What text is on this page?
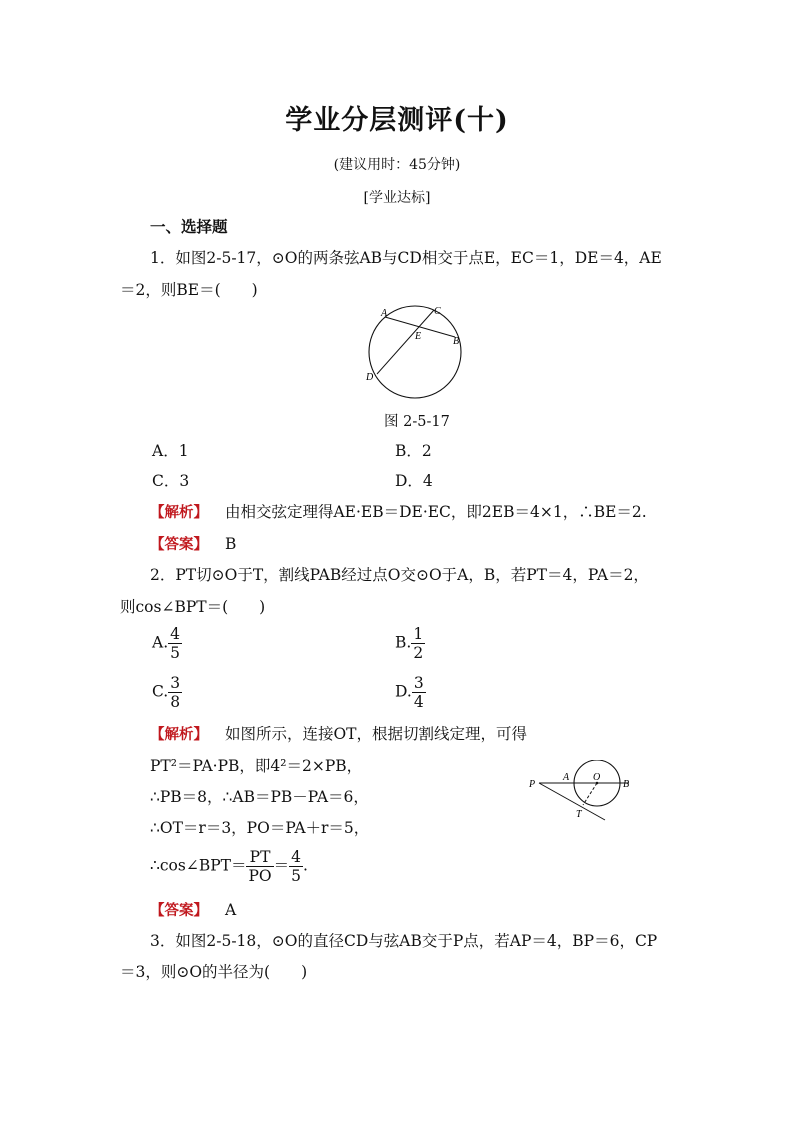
学业分层测评(十)
(建议用时：45分钟)
[学业达标]
一、选择题
1．如图2-5-17，⊙O的两条弦AB与CD相交于点E，EC＝1，DE＝4，AE
＝2，则BE＝(　　)
A	C
E	B
D
图 2-5-17
A．1	B．2
C．3	D．4
【解析】 由相交弦定理得AE·EB＝DE·EC，即2EB＝4×1，∴BE＝2.
【答案】 B
2．PT切⊙O于T，割线PAB经过点O交⊙O于A，B，若PT＝4，PA＝2，
则cos∠BPT＝(　　)
A. $\frac{4}{5}$	B. $\frac{1}{2}$
C. $\frac{3}{8}$	D. $\frac{3}{4}$
【解析】 如图所示，连接OT，根据切割线定理，可得
PT²＝PA·PB，即4²＝2×PB，
∴PB＝8，∴AB＝PB－PA＝6，
∴OT＝r＝3，PO＝PA＋r＝5，
∴cos∠BPT＝ $\frac{PT}{PO} = \frac{4}{5}$ .
P
A O
B
T
【答案】 A
3．如图2-5-18，⊙O的直径CD与弦AB交于P点，若AP＝4，BP＝6，CP
＝3，则⊙O的半径为(　　)
